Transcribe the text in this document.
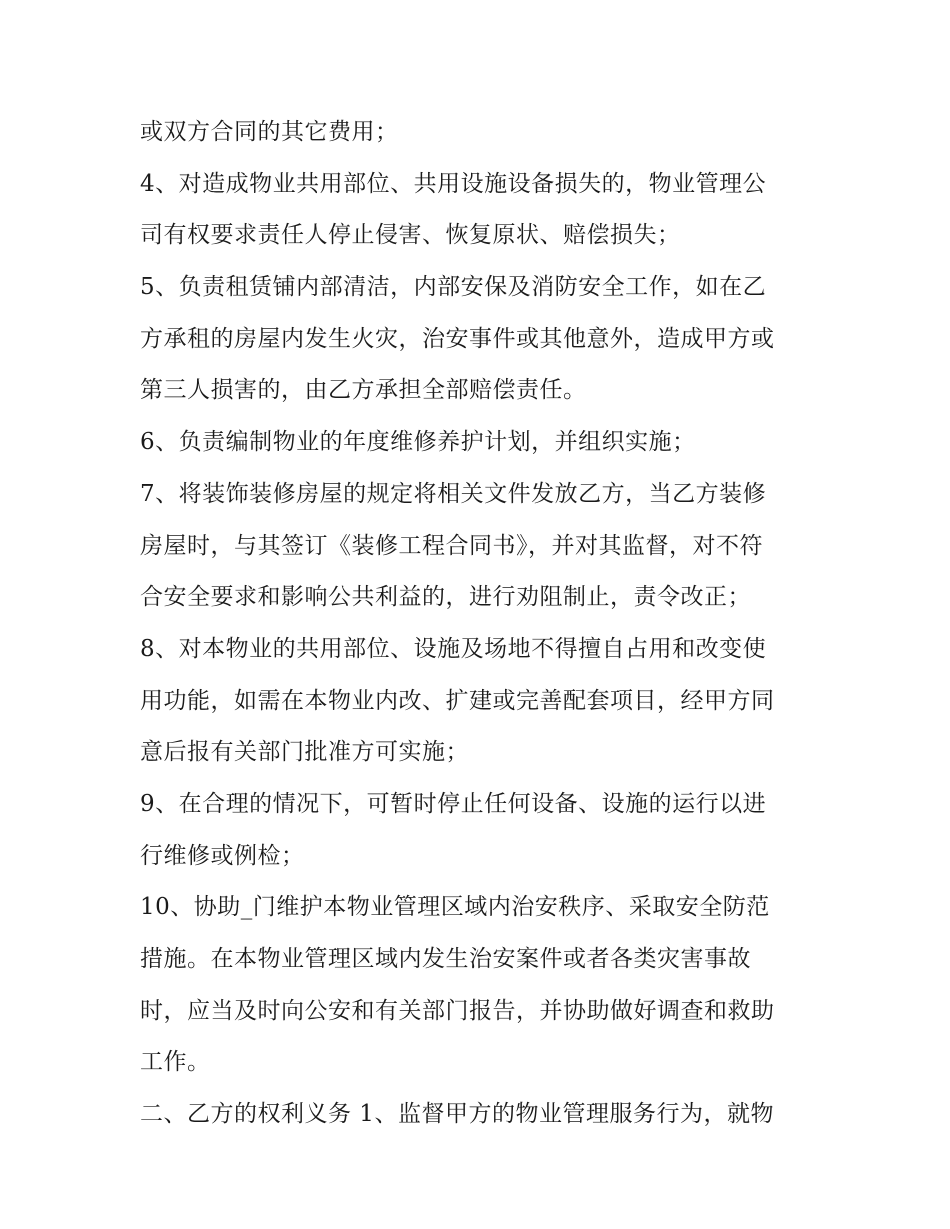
或双方合同的其它费用；
4、对造成物业共用部位、共用设施设备损失的，物业管理公
司有权要求责任人停止侵害、恢复原状、赔偿损失；
5、负责租赁铺内部清洁，内部安保及消防安全工作，如在乙
方承租的房屋内发生火灾，治安事件或其他意外，造成甲方或
第三人损害的，由乙方承担全部赔偿责任。
6、负责编制物业的年度维修养护计划，并组织实施；
7、将装饰装修房屋的规定将相关文件发放乙方，当乙方装修
房屋时，与其签订《装修工程合同书》，并对其监督，对不符
合安全要求和影响公共利益的，进行劝阻制止，责令改正；
8、对本物业的共用部位、设施及场地不得擅自占用和改变使
用功能，如需在本物业内改、扩建或完善配套项目，经甲方同
意后报有关部门批准方可实施；
9、在合理的情况下，可暂时停止任何设备、设施的运行以进
行维修或例检；
10、协助_门维护本物业管理区域内治安秩序、采取安全防范
措施。在本物业管理区域内发生治安案件或者各类灾害事故
时，应当及时向公安和有关部门报告，并协助做好调查和救助
工作。
二、乙方的权利义务 1、监督甲方的物业管理服务行为，就物
